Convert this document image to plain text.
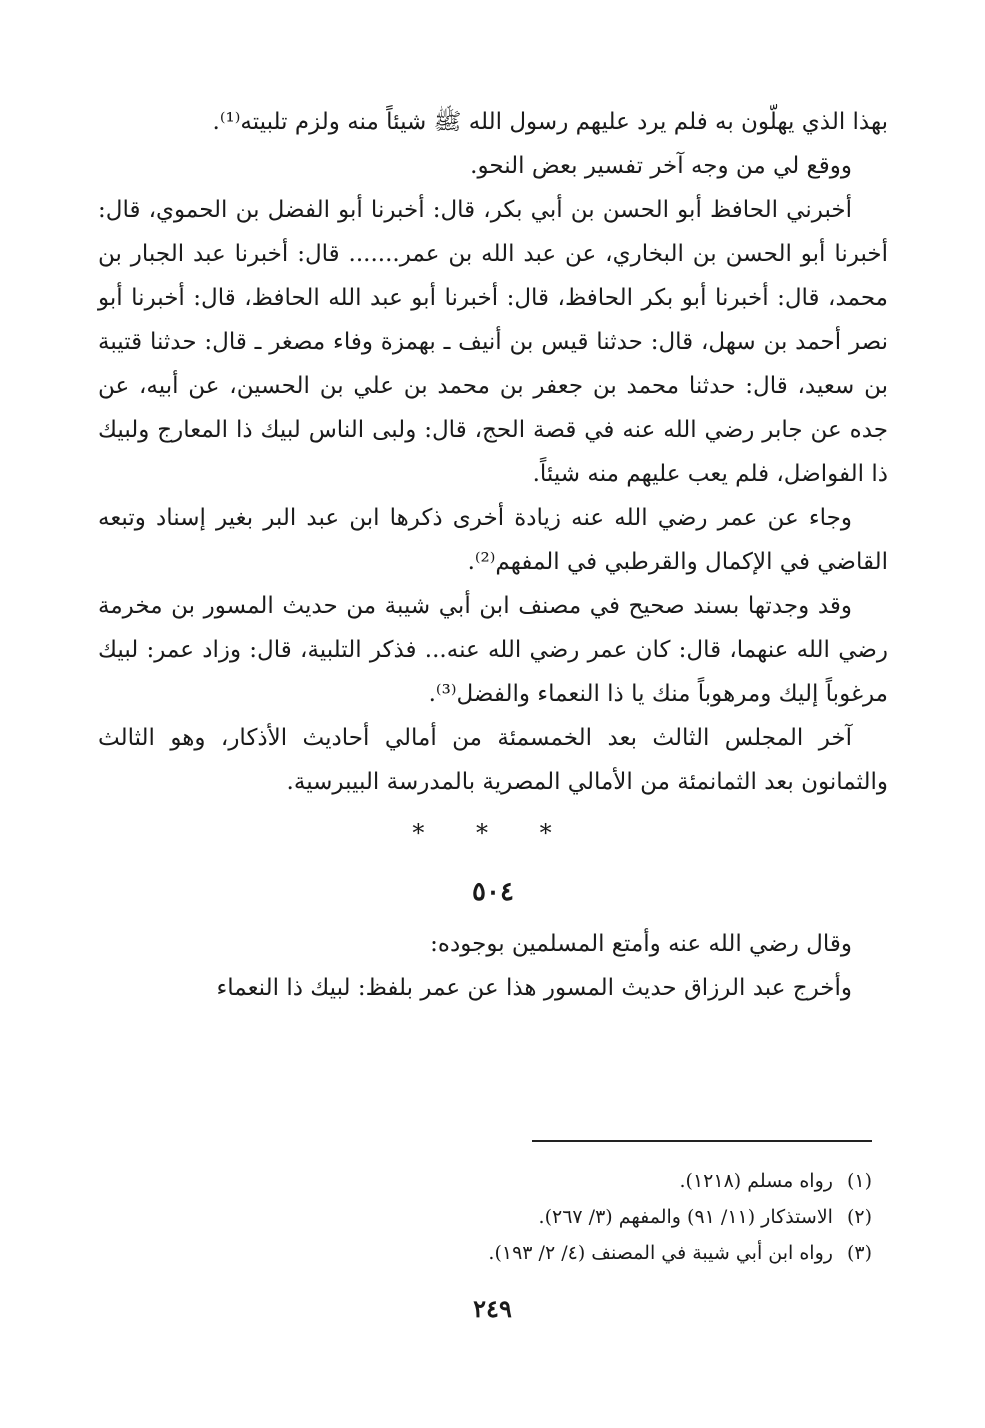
بهذا الذي يهلّون به فلم يرد عليهم رسول الله ﷺ شيئاً منه ولزم تلبيته⁽¹⁾.

ووقع لي من وجه آخر تفسير بعض النحو.

أخبرني الحافظ أبو الحسن بن أبي بكر، قال: أخبرنا أبو الفضل بن الحموي، قال: أخبرنا أبو الحسن بن البخاري، عن عبد الله بن عمر....... قال: أخبرنا عبد الجبار بن محمد، قال: أخبرنا أبو بكر الحافظ، قال: أخبرنا أبو عبد الله الحافظ، قال: أخبرنا أبو نصر أحمد بن سهل، قال: حدثنا قيس بن أنيف ـ بهمزة وفاء مصغر ـ قال: حدثنا قتيبة بن سعيد، قال: حدثنا محمد بن جعفر بن محمد بن علي بن الحسين، عن أبيه، عن جده عن جابر رضي الله عنه في قصة الحج، قال: ولبى الناس لبيك ذا المعارج ولبيك ذا الفواضل، فلم يعب عليهم منه شيئاً.

وجاء عن عمر رضي الله عنه زيادة أخرى ذكرها ابن عبد البر بغير إسناد وتبعه القاضي في الإكمال والقرطبي في المفهم⁽²⁾.

وقد وجدتها بسند صحيح في مصنف ابن أبي شيبة من حديث المسور بن مخرمة رضي الله عنهما، قال: كان عمر رضي الله عنه... فذكر التلبية، قال: وزاد عمر: لبيك مرغوباً إليك ومرهوباً منك يا ذا النعماء والفضل⁽³⁾.

آخر المجلس الثالث بعد الخمسمئة من أمالي أحاديث الأذكار، وهو الثالث والثمانون بعد الثمانمئة من الأمالي المصرية بالمدرسة البيبرسية.

* * *
٥٠٤

وقال رضي الله عنه وأمتع المسلمين بوجوده:

وأخرج عبد الرزاق حديث المسور هذا عن عمر بلفظ: لبيك ذا النعماء

(١)
رواه مسلم (١٢١٨).
(٢)
الاستذكار (١١/ ٩١) والمفهم (٣/ ٢٦٧).
(٣)
رواه ابن أبي شيبة في المصنف (٤/ ٢/ ١٩٣).
٢٤٩
